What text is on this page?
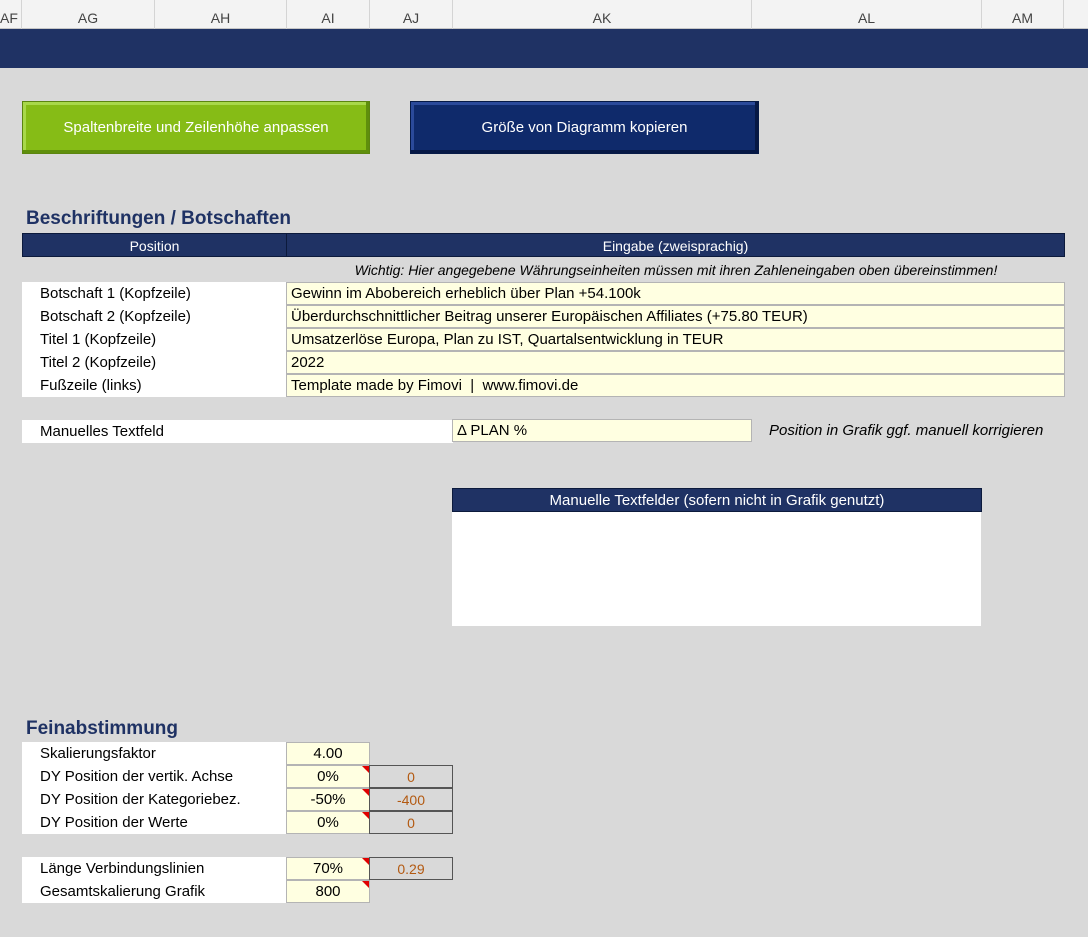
AF	AG	AH	AI	AJ	AK	AL	AM
Spaltenbreite und Zeilenhöhe anpassen	Größe von Diagramm kopieren
Beschriftungen / Botschaften
Position	Eingabe (zweisprachig)
Wichtig: Hier angegebene Währungseinheiten müssen mit ihren Zahleneingaben oben übereinstimmen!
Botschaft 1 (Kopfzeile)	Gewinn im Abobereich erheblich über Plan +54.100k
Botschaft 2 (Kopfzeile)	Überdurchschnittlicher Beitrag unserer Europäischen Affiliates (+75.80 TEUR)
Titel 1 (Kopfzeile)	Umsatzerlöse Europa, Plan zu IST, Quartalsentwicklung in TEUR
Titel 2 (Kopfzeile)	2022
Fußzeile (links)	Template made by Fimovi  |  www.fimovi.de
Manuelles Textfeld	Δ PLAN %	Position in Grafik ggf. manuell korrigieren
Manuelle Textfelder (sofern nicht in Grafik genutzt)
Feinabstimmung
Skalierungsfaktor	4.00
DY Position der vertik. Achse	0%	0
DY Position der Kategoriebez.	-50%	-400
DY Position der Werte	0%	0
Länge Verbindungslinien	70%	0.29
Gesamtskalierung Grafik	800
